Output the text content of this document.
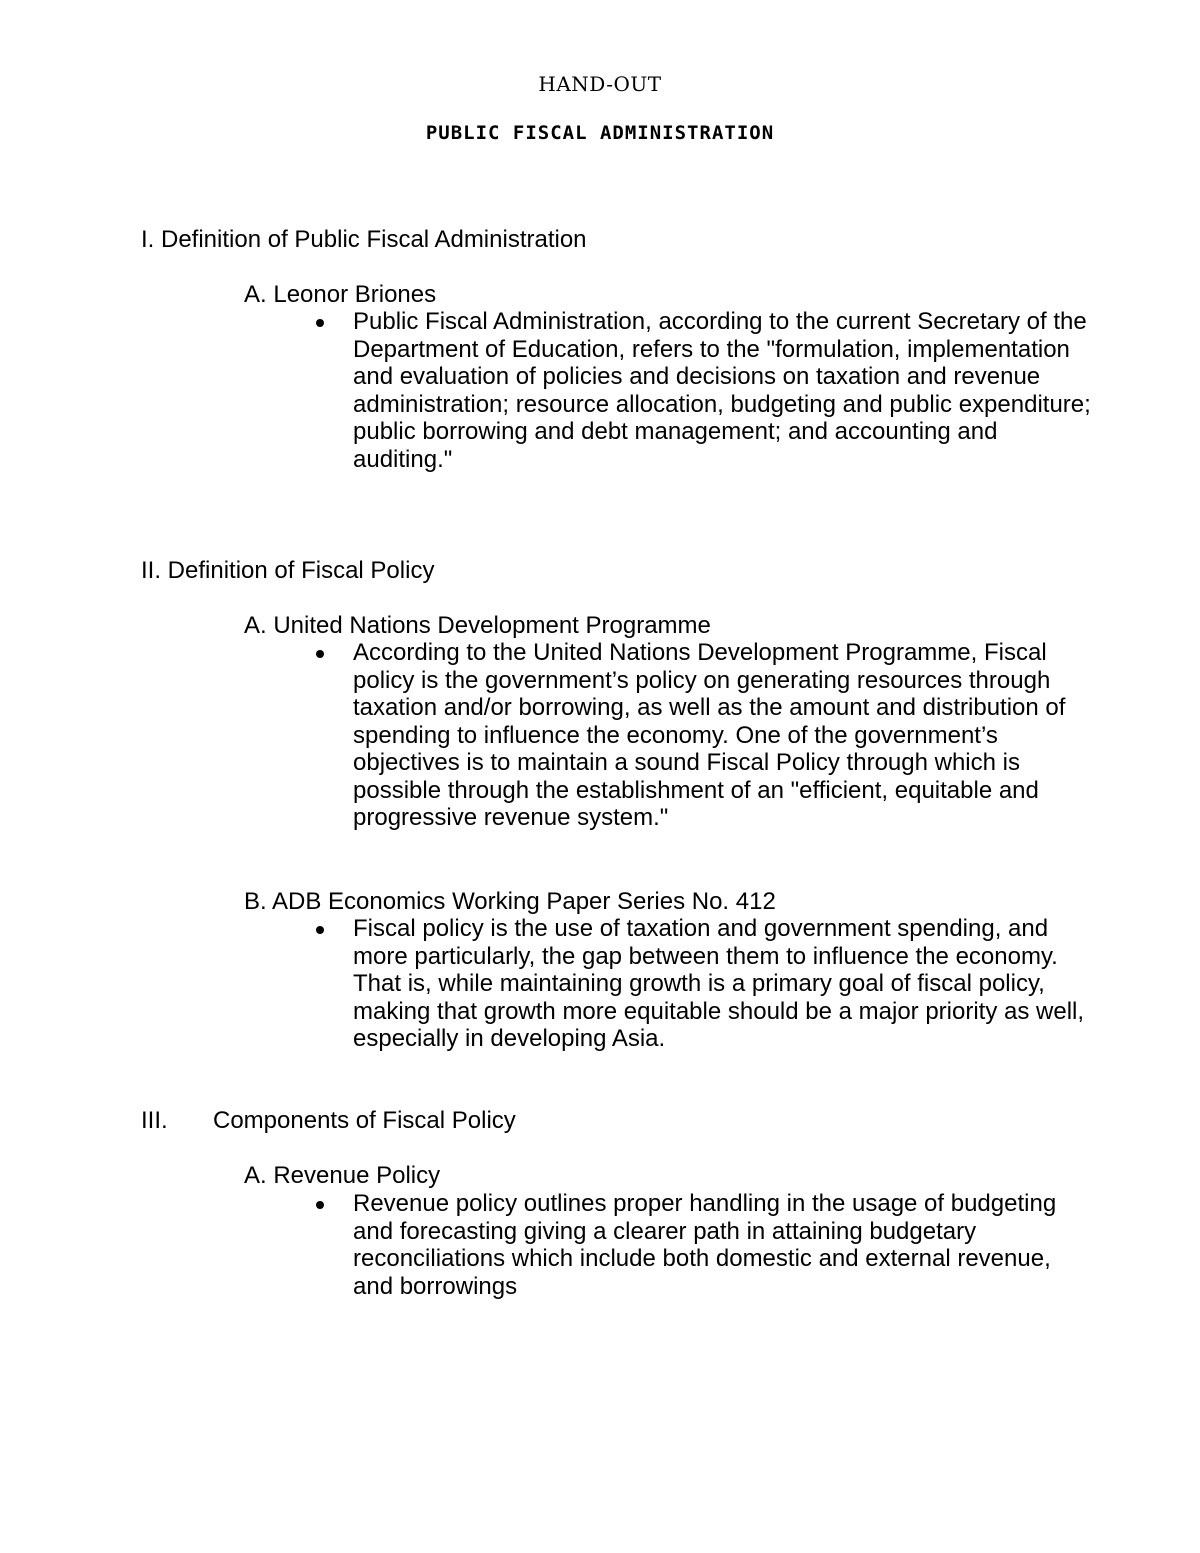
HAND-OUT
PUBLIC FISCAL ADMINISTRATION
I. Definition of Public Fiscal Administration
A. Leonor Briones
Public Fiscal Administration, according to the current Secretary of the Department of Education, refers to the "formulation, implementation and evaluation of policies and decisions on taxation and revenue administration; resource allocation, budgeting and public expenditure; public borrowing and debt management; and accounting and auditing."
II. Definition of Fiscal Policy
A. United Nations Development Programme
According to the United Nations Development Programme, Fiscal policy is the government’s policy on generating resources through taxation and/or borrowing, as well as the amount and distribution of spending to influence the economy. One of the government’s objectives is to maintain a sound Fiscal Policy through which is possible through the establishment of an "efficient, equitable and progressive revenue system."
B. ADB Economics Working Paper Series No. 412
Fiscal policy is the use of taxation and government spending, and more particularly, the gap between them to influence the economy. That is, while maintaining growth is a primary goal of fiscal policy, making that growth more equitable should be a major priority as well, especially in developing Asia.
III. Components of Fiscal Policy
A. Revenue Policy
Revenue policy outlines proper handling in the usage of budgeting and forecasting giving a clearer path in attaining budgetary reconciliations which include both domestic and external revenue, and borrowings
